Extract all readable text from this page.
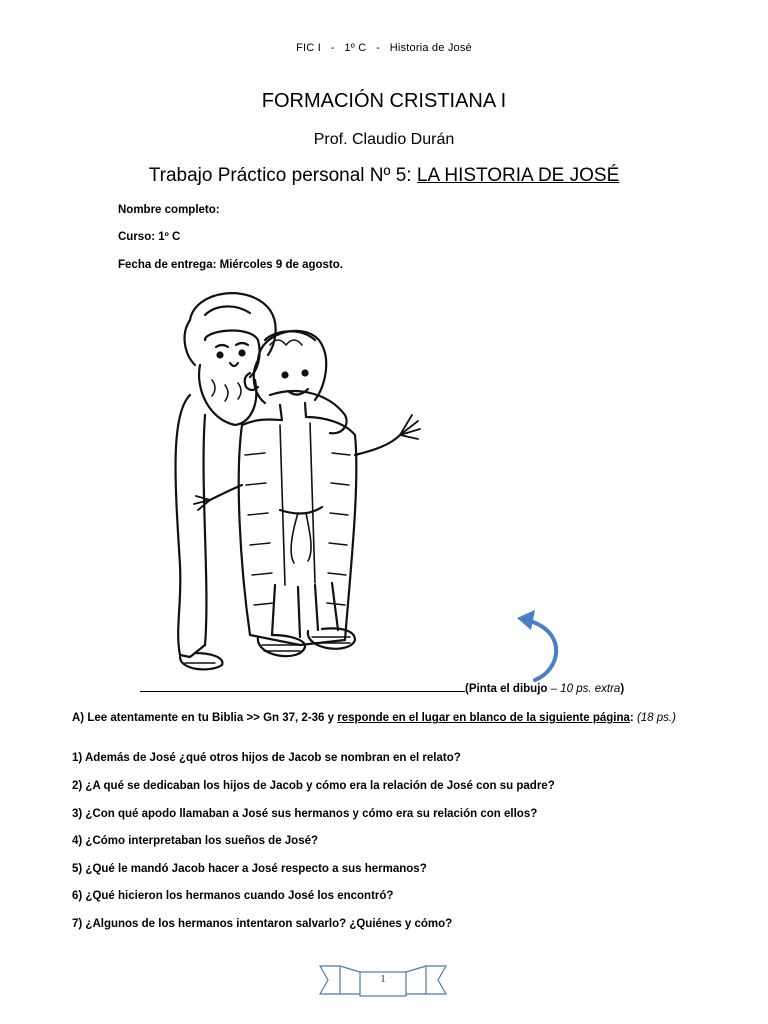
FIC I - 1º C - Historia de José
FORMACIÓN CRISTIANA I
Prof. Claudio Durán
Trabajo Práctico personal Nº 5: LA HISTORIA DE JOSÉ
Nombre completo:
Curso: 1º C
Fecha de entrega: Miércoles 9 de agosto.
(Pinta el dibujo – 10 ps. extra)
A) Lee atentamente en tu Biblia >> Gn 37, 2-36 y responde en el lugar en blanco de la siguiente página: (18 ps.)
1) Además de José ¿qué otros hijos de Jacob se nombran en el relato?
2) ¿A qué se dedicaban los hijos de Jacob y cómo era la relación de José con su padre?
3) ¿Con qué apodo llamaban a José sus hermanos y cómo era su relación con ellos?
4) ¿Cómo interpretaban los sueños de José?
5) ¿Qué le mandó Jacob hacer a José respecto a sus hermanos?
6) ¿Qué hicieron los hermanos cuando José los encontró?
7) ¿Algunos de los hermanos intentaron salvarlo? ¿Quiénes y cómo?
1
